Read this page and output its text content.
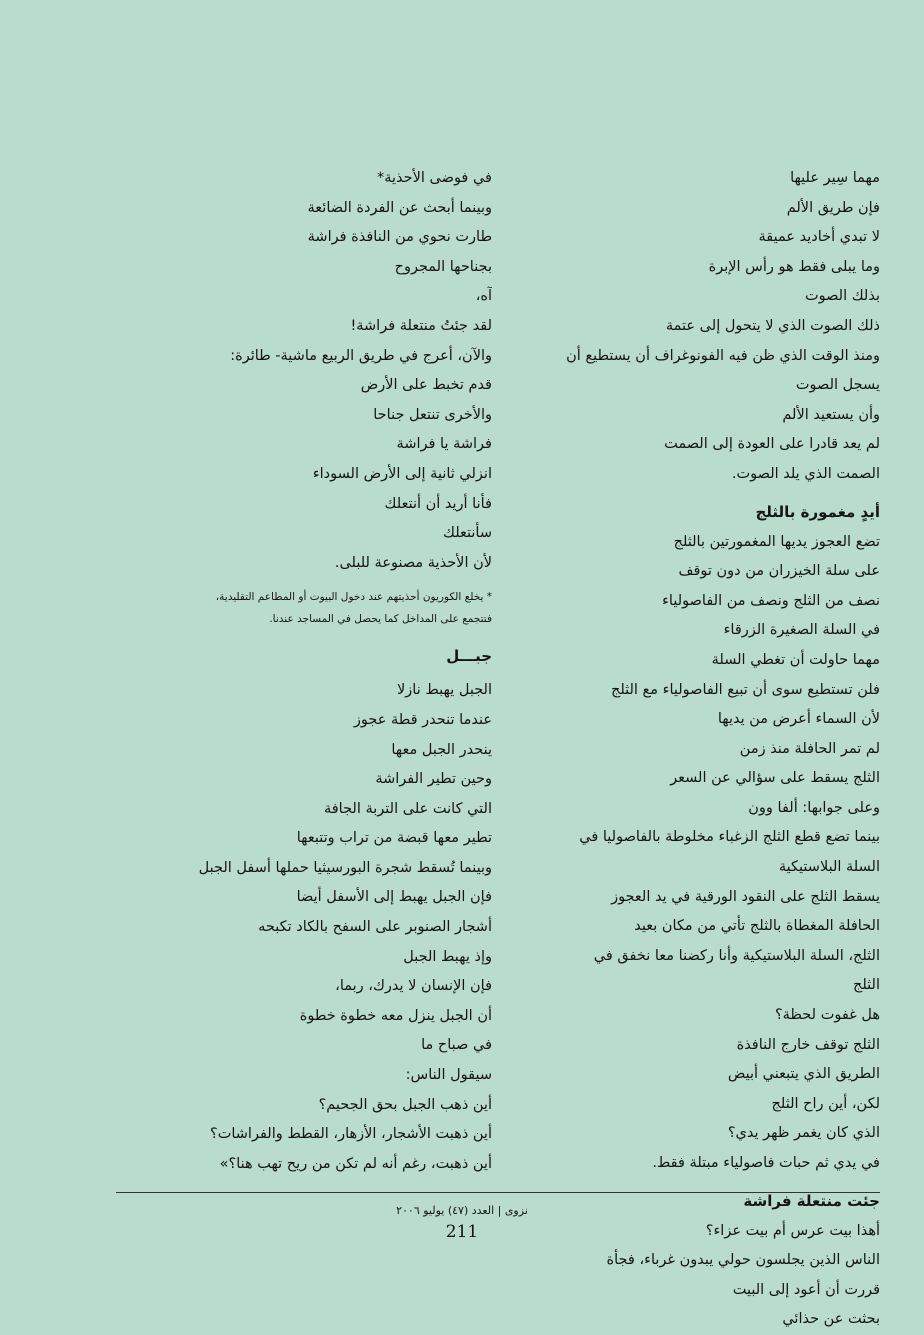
مهما سِير عليها
فإن طريق الألم
لا تبدي أخاديد عميقة
وما يبلى فقط هو رأس الإبرة
بذلك الصوت
ذلك الصوت الذي لا يتحول إلى عتمة
ومنذ الوقت الذي ظن فيه الفونوغراف أن يستطيع أن
يسجل الصوت
وأن يستعيد الألم
لم يعد قادرا على العودة إلى الصمت
الصمت الذي يلد الصوت.
أيدٍ مغمورة بالثلج
تضع العجوز يديها المغمورتين بالثلج
على سلة الخيزران من دون توقف
نصف من الثلج ونصف من الفاصولياء
في السلة الصغيرة الزرقاء
مهما حاولت أن تغطي السلة
فلن تستطيع سوى أن تبيع الفاصولياء مع الثلج
لأن السماء أعرض من يديها
لم تمر الحافلة منذ زمن
الثلج يسقط على سؤالي عن السعر
وعلى جوابها: ألفا وون
بينما تضع قطع الثلج الزغباء مخلوطة بالفاصوليا في
السلة البلاستيكية
يسقط الثلج على النقود الورقية في يد العجوز
الحافلة المغطاة بالثلج تأتي من مكان بعيد
الثلج، السلة البلاستيكية وأنا ركضنا معا نخفق في
الثلج
هل غفوت لحظة؟
الثلج توقف خارج النافذة
الطريق الذي يتبعني أبيض
لكن، أين راح الثلج
الذي كان يغمر ظهر يدي؟
في يدي ثم حبات فاصولياء مبتلة فقط.
جئت منتعلة فراشة
أهذا بيت عرس أم بيت عزاء؟
الناس الذين يجلسون حولي يبدون غرباء، فجأة
قررت أن أعود إلى البيت
بحثت عن حذائي
في فوضى الأحذية*
وبينما أبحث عن الفردة الضائعة
طارت نحوي من النافذة فراشة
بجناحها المجروح
آه،
لقد جئتُ منتعلة فراشة!
والآن، أعرج في طريق الربيع ماشية- طائرة:
قدم تخبط على الأرض
والأخرى تنتعل جناحا
فراشة يا فراشة
انزلي ثانية إلى الأرض السوداء
فأنا أريد أن أنتعلك
سأنتعلك
لأن الأحذية مصنوعة للبلى.
* يخلع الكوريون أحذيتهم عند دخول البيوت أو المطاعم التقليدية،
فتتجمع على المداخل كما يحصل في المساجد عندنا.
جبـــل
الجبل يهبط نازلا
عندما تنحدر قطة عجوز
ينحدر الجبل معها
وحين تطير الفراشة
التي كانت على التربة الجافة
تطير معها قبضة من تراب وتتبعها
وبينما تُسقط شجرة البورسيثيا حملها أسفل الجبل
فإن الجبل يهبط إلى الأسفل أيضا
أشجار الصنوبر على السفح بالكاد تكبحه
وإذ يهبط الجبل
فإن الإنسان لا يدرك، ربما،
أن الجبل ينزل معه خطوة خطوة
في صباح ما
سيقول الناس:
أين ذهب الجبل بحق الجحيم؟
أين ذهبت الأشجار، الأزهار، القطط والفراشات؟
أين ذهبت، رغم أنه لم تكن من ريح تهب هنا؟»
نزوى | العدد (٤٧) يوليو ٢٠٠٦
211
